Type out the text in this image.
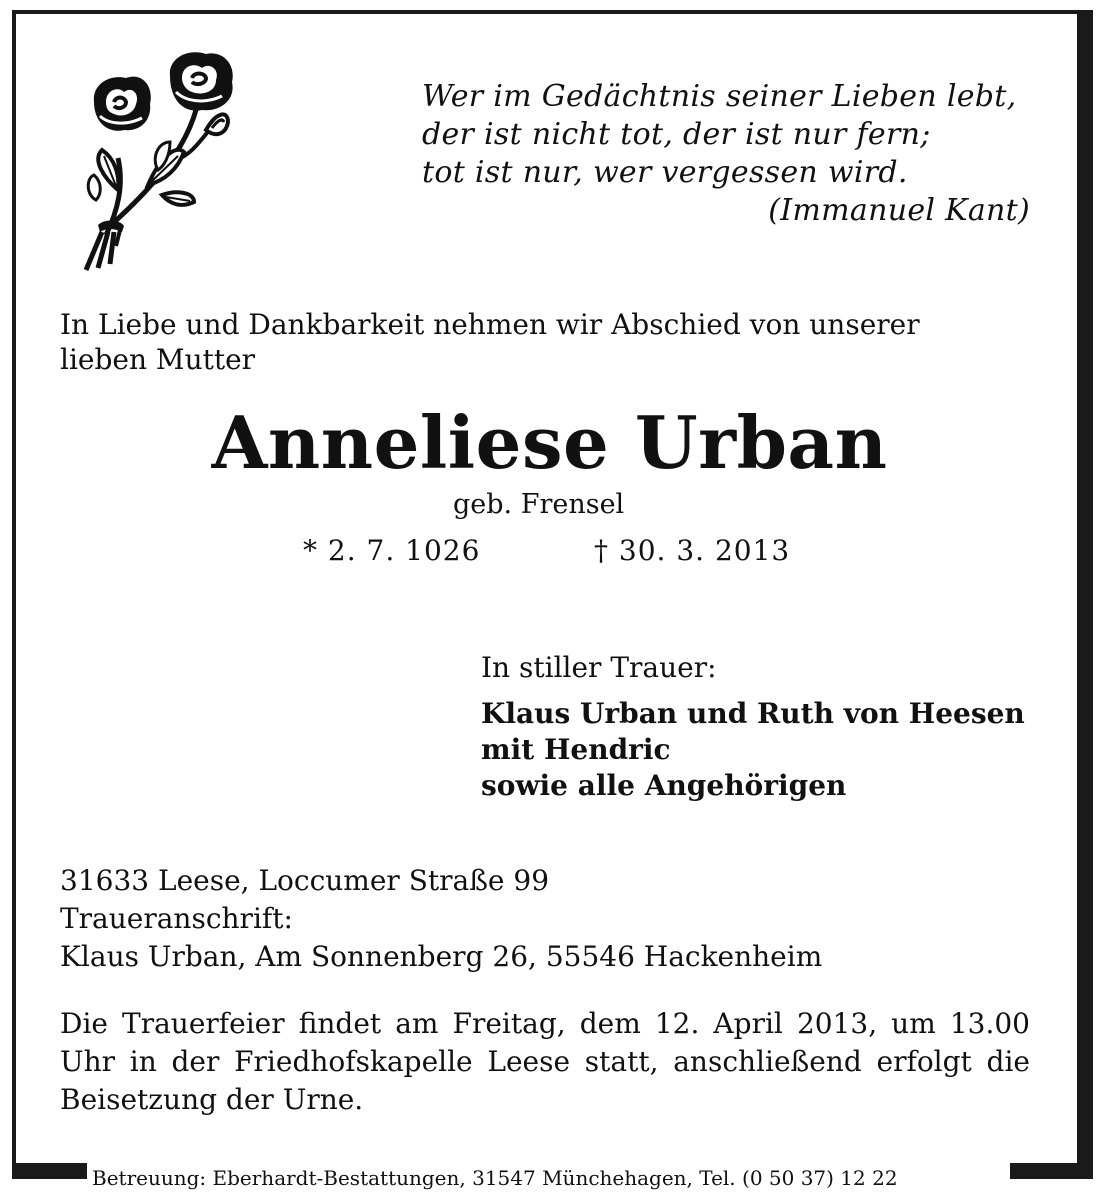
Wer im Gedächtnis seiner Lieben lebt,
der ist nicht tot, der ist nur fern;
tot ist nur, wer vergessen wird.
(Immanuel Kant)
In Liebe und Dankbarkeit nehmen wir Abschied von unserer
lieben Mutter
Anneliese Urban
geb. Frensel
* 2. 7. 1026	† 30. 3. 2013
In stiller Trauer:
Klaus Urban und Ruth von Heesen
mit Hendric
sowie alle Angehörigen
31633 Leese, Loccumer Straße 99
Traueranschrift:
Klaus Urban, Am Sonnenberg 26, 55546 Hackenheim
Die Trauerfeier findet am Freitag, dem 12. April 2013, um 13.00 Uhr in der Friedhofskapelle Leese statt, anschließend erfolgt die Beisetzung der Urne.
Betreuung: Eberhardt-Bestattungen, 31547 Münchehagen, Tel. (0 50 37) 12 22
